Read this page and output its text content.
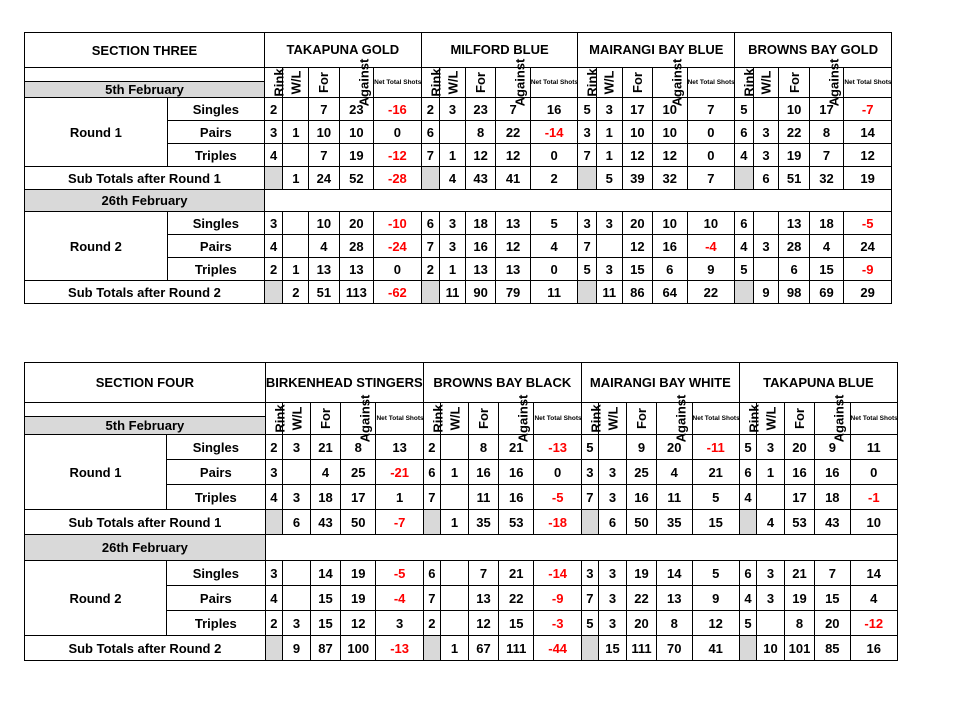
SECTION THREE		TAKAPUNA GOLD					MILFORD BLUE					MAIRANGI BAY BLUE					BROWNS BAY GOLD				
		Rink	W/L	For	Against	Net Total Shots	Rink	W/L	For	Against	Net Total Shots	Rink	W/L	For	Against	Net Total Shots	Rink	W/L	For	Against	Net Total Shots

5th February																					
Round 1	Singles	2		7	23	-16	2	3	23	7	16	5	3	17	10	7	5		10	17	-7
	Pairs	3	1	10	10	0	6		8	22	-14	3	1	10	10	0	6	3	22	8	14
	Triples	4		7	19	-12	7	1	12	12	0	7	1	12	12	0	4	3	19	7	12
Sub Totals after Round 1			1	24	52	-28		4	43	41	2		5	39	32	7		6	51	32	19
26th February																					
Round 2	Singles	3		10	20	-10	6	3	18	13	5	3	3	20	10	10	6		13	18	-5
	Pairs	4		4	28	-24	7	3	16	12	4	7		12	16	-4	4	3	28	4	24
	Triples	2	1	13	13	0	2	1	13	13	0	5	3	15	6	9	5		6	15	-9
Sub Totals after Round 2			2	51	113	-62		11	90	79	11		11	86	64	22		9	98	69	29
SECTION FOUR		BIRKENHEAD STINGERS					BROWNS BAY BLACK					MAIRANGI BAY WHITE					TAKAPUNA BLUE				
		Rink	W/L	For	Against	Net Total Shots	Rink	W/L	For	Against	Net Total Shots	Rink	W/L	For	Against	Net Total Shots	Rink	W/L	For	Against	Net Total Shots

5th February																					
Round 1	Singles	2	3	21	8	13	2		8	21	-13	5		9	20	-11	5	3	20	9	11
	Pairs	3		4	25	-21	6	1	16	16	0	3	3	25	4	21	6	1	16	16	0
	Triples	4	3	18	17	1	7		11	16	-5	7	3	16	11	5	4		17	18	-1
Sub Totals after Round 1			6	43	50	-7		1	35	53	-18		6	50	35	15		4	53	43	10
26th February																					
Round 2	Singles	3		14	19	-5	6		7	21	-14	3	3	19	14	5	6	3	21	7	14
	Pairs	4		15	19	-4	7		13	22	-9	7	3	22	13	9	4	3	19	15	4
	Triples	2	3	15	12	3	2		12	15	-3	5	3	20	8	12	5		8	20	-12
Sub Totals after Round 2			9	87	100	-13		1	67	111	-44		15	111	70	41		10	101	85	16
